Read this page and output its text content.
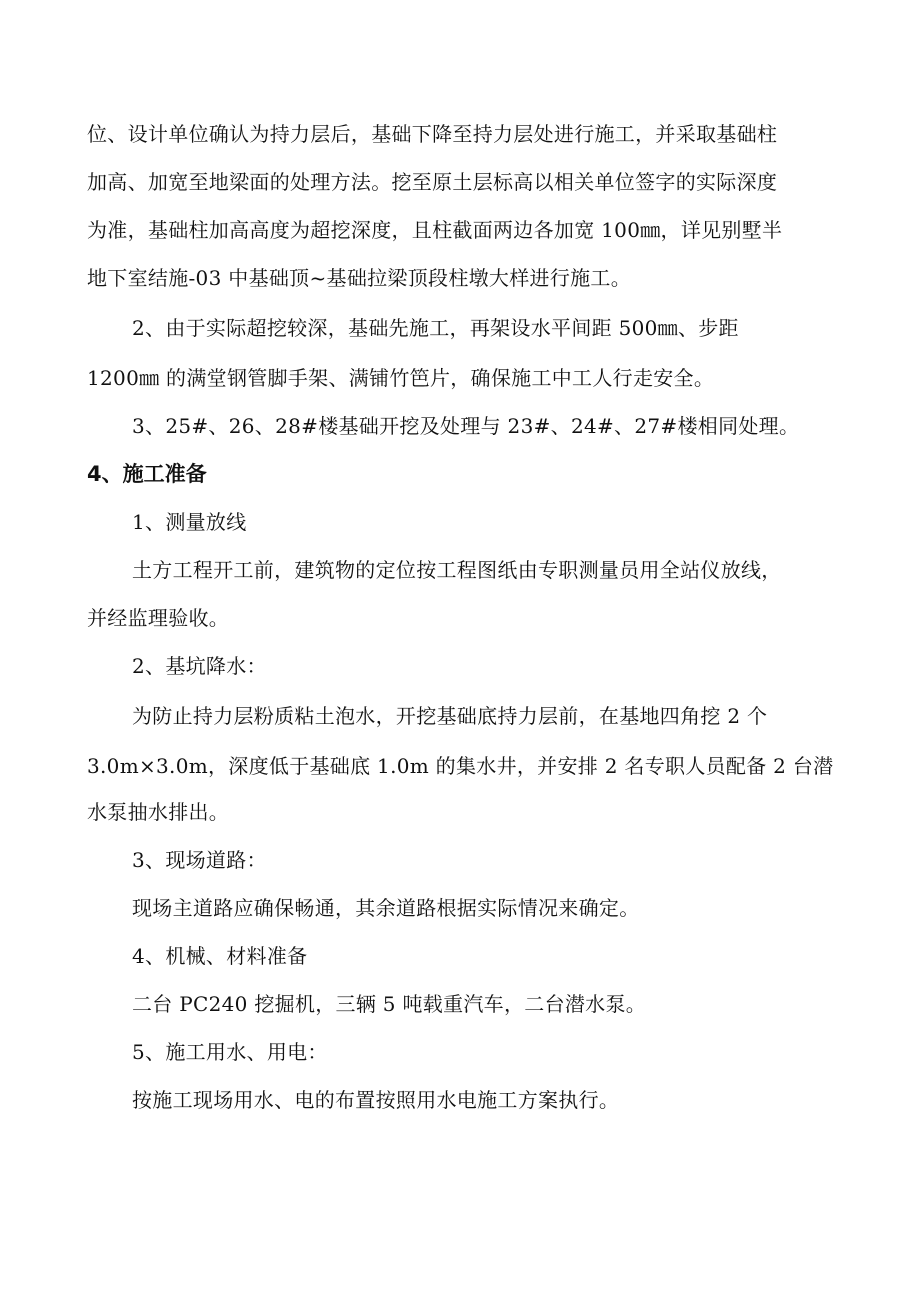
位、设计单位确认为持力层后，基础下降至持力层处进行施工，并采取基础柱
加高、加宽至地梁面的处理方法。挖至原土层标高以相关单位签字的实际深度
为准，基础柱加高高度为超挖深度，且柱截面两边各加宽 100㎜，详见别墅半
地下室结施-03 中基础顶~基础拉梁顶段柱墩大样进行施工。
2、由于实际超挖较深，基础先施工，再架设水平间距 500㎜、步距
1200㎜ 的满堂钢管脚手架、满铺竹笆片，确保施工中工人行走安全。
3、25#、26、28#楼基础开挖及处理与 23#、24#、27#楼相同处理。
4、施工准备
1、测量放线
土方工程开工前，建筑物的定位按工程图纸由专职测量员用全站仪放线，
并经监理验收。
2、基坑降水：
为防止持力层粉质粘土泡水，开挖基础底持力层前，在基地四角挖 2 个
3.0m×3.0m，深度低于基础底 1.0m 的集水井，并安排 2 名专职人员配备 2 台潜
水泵抽水排出。
3、现场道路：
现场主道路应确保畅通，其余道路根据实际情况来确定。
4、机械、材料准备
二台 PC240 挖掘机，三辆 5 吨载重汽车，二台潜水泵。
5、施工用水、用电：
按施工现场用水、电的布置按照用水电施工方案执行。
